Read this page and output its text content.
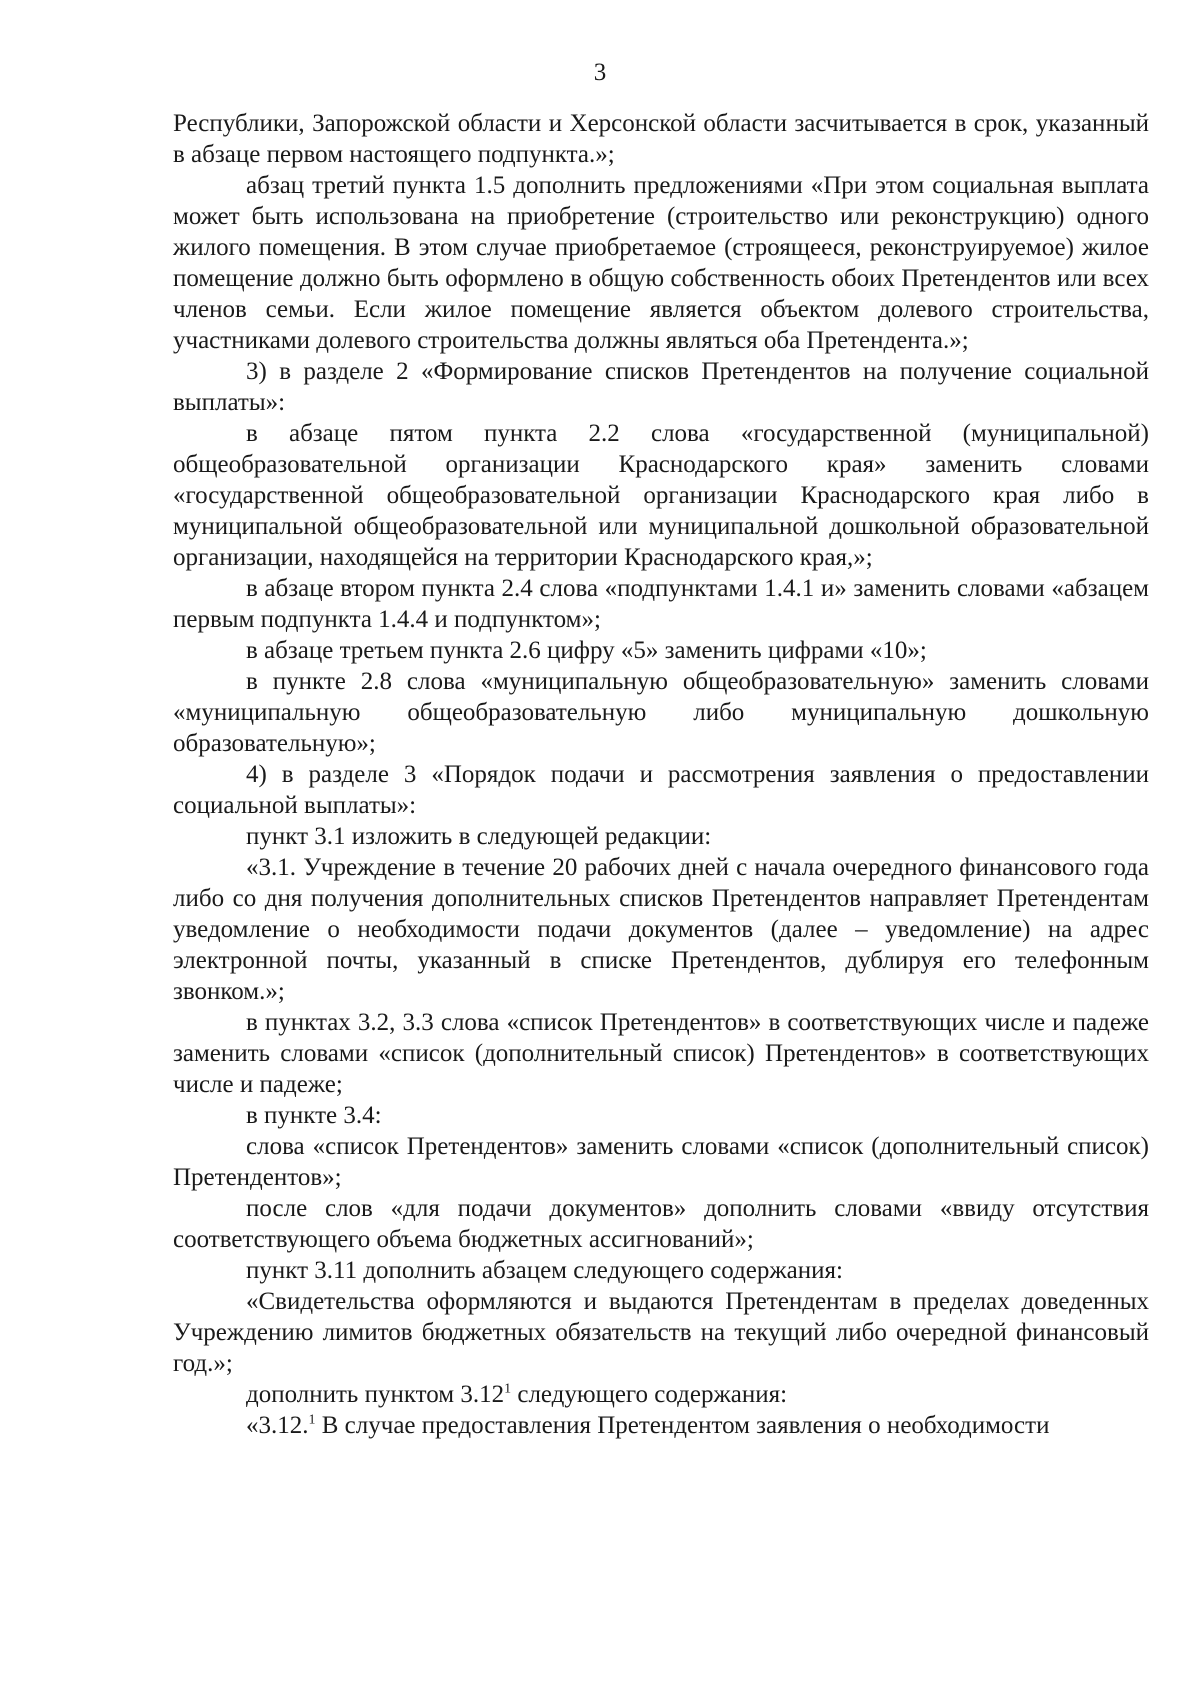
3

Республики, Запорожской области и Херсонской области засчитывается в срок, указанный в абзаце первом настоящего подпункта.»;

абзац третий пункта 1.5 дополнить предложениями «При этом социальная выплата может быть использована на приобретение (строительство или реконструкцию) одного жилого помещения. В этом случае приобретаемое (строящееся, реконструируемое) жилое помещение должно быть оформлено в общую собственность обоих Претендентов или всех членов семьи. Если жилое помещение является объектом долевого строительства, участниками долевого строительства должны являться оба Претендента.»;

3) в разделе 2 «Формирование списков Претендентов на получение социальной выплаты»:

в абзаце пятом пункта 2.2 слова «государственной (муниципальной) общеобразовательной организации Краснодарского края» заменить словами «государственной общеобразовательной организации Краснодарского края либо в муниципальной общеобразовательной или муниципальной дошкольной образовательной организации, находящейся на территории Краснодарского края,»;

в абзаце втором пункта 2.4 слова «подпунктами 1.4.1 и» заменить словами «абзацем первым подпункта 1.4.4 и подпунктом»;

в абзаце третьем пункта 2.6 цифру «5» заменить цифрами «10»;

в пункте 2.8 слова «муниципальную общеобразовательную» заменить словами «муниципальную общеобразовательную либо муниципальную дошкольную образовательную»;

4) в разделе 3 «Порядок подачи и рассмотрения заявления о предоставлении социальной выплаты»:

пункт 3.1 изложить в следующей редакции:

«3.1. Учреждение в течение 20 рабочих дней с начала очередного финансового года либо со дня получения дополнительных списков Претендентов направляет Претендентам уведомление о необходимости подачи документов (далее – уведомление) на адрес электронной почты, указанный в списке Претендентов, дублируя его телефонным звонком.»;

в пунктах 3.2, 3.3 слова «список Претендентов» в соответствующих числе и падеже заменить словами «список (дополнительный список) Претендентов» в соответствующих числе и падеже;

в пункте 3.4:

слова «список Претендентов» заменить словами «список (дополнительный список) Претендентов»;

после слов «для подачи документов» дополнить словами «ввиду отсутствия соответствующего объема бюджетных ассигнований»;

пункт 3.11 дополнить абзацем следующего содержания:

«Свидетельства оформляются и выдаются Претендентам в пределах доведенных Учреждению лимитов бюджетных обязательств на текущий либо очередной финансовый год.»;

дополнить пунктом 3.12$^1$ следующего содержания:

«3.12.$^1$ В случае предоставления Претендентом заявления о необходимости
